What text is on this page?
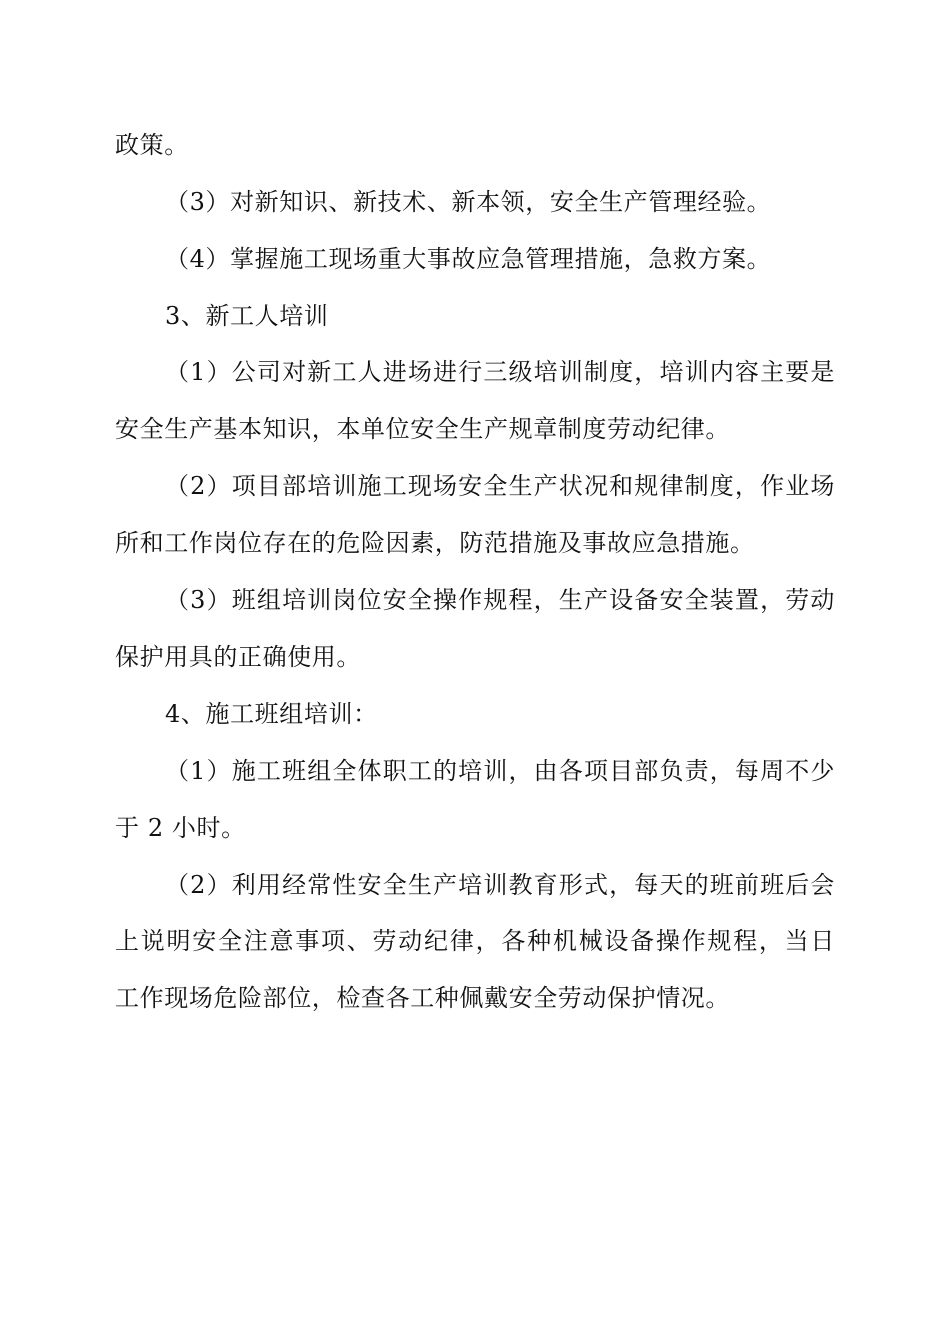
政策。
（3）对新知识、新技术、新本领，安全生产管理经验。
（4）掌握施工现场重大事故应急管理措施，急救方案。
3、新工人培训
（1）公司对新工人进场进行三级培训制度，培训内容主要是
安全生产基本知识，本单位安全生产规章制度劳动纪律。
（2）项目部培训施工现场安全生产状况和规律制度，作业场
所和工作岗位存在的危险因素，防范措施及事故应急措施。
（3）班组培训岗位安全操作规程，生产设备安全装置，劳动
保护用具的正确使用。
4、施工班组培训：
（1）施工班组全体职工的培训，由各项目部负责，每周不少
于 2 小时。
（2）利用经常性安全生产培训教育形式，每天的班前班后会
上说明安全注意事项、劳动纪律，各种机械设备操作规程，当日
工作现场危险部位，检查各工种佩戴安全劳动保护情况。
